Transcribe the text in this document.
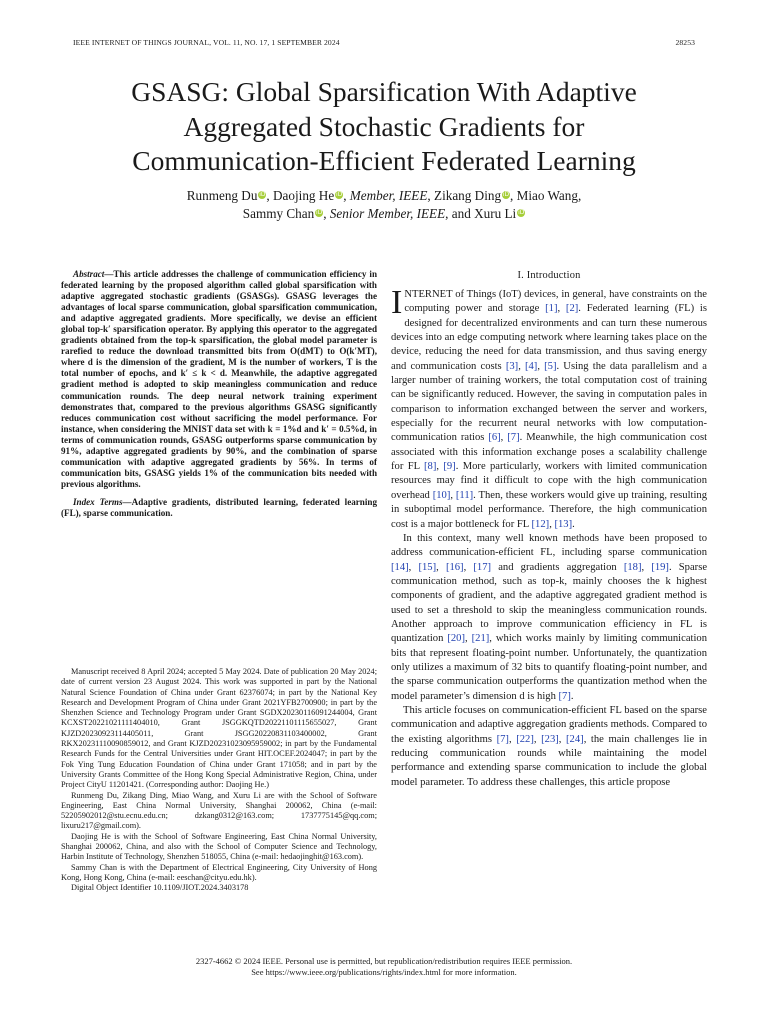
IEEE INTERNET OF THINGS JOURNAL, VOL. 11, NO. 17, 1 SEPTEMBER 2024	28253
GSASG: Global Sparsification With Adaptive
Aggregated Stochastic Gradients for
Communication-Efficient Federated Learning
Runmeng Du iD, Daojing He iD, Member, IEEE, Zikang Ding iD, Miao Wang,
Sammy Chan iD, Senior Member, IEEE, and Xuru Li iD

Abstract—This article addresses the challenge of communication efficiency in federated learning by the proposed algorithm called global sparsification with adaptive aggregated stochastic gradients (GSASGs). GSASG leverages the advantages of local sparse communication, global sparsification communication, and adaptive aggregated gradients. More specifically, we devise an efficient global top-k′ sparsification operator. By applying this operator to the aggregated gradients obtained from the top-k sparsification, the global model parameter is rarefied to reduce the download transmitted bits from O(dMT) to O(k′MT), where d is the dimension of the gradient, M is the number of workers, T is the total number of epochs, and k′ ≤ k < d. Meanwhile, the adaptive aggregated gradient method is adopted to skip meaningless communication and reduce communication rounds. The deep neural network training experiment demonstrates that, compared to the previous algorithms GSASG significantly reduces communication cost without sacrificing the model performance. For instance, when considering the MNIST data set with k = 1%d and k′ = 0.5%d, in terms of communication rounds, GSASG outperforms sparse communication by 91%, adaptive aggregated gradients by 90%, and the combination of sparse communication with adaptive aggregated gradients by 56%. In terms of communication bits, GSASG yields 1% of the communication bits needed with previous algorithms.

Index Terms—Adaptive gradients, distributed learning, federated learning (FL), sparse communication.

Manuscript received 8 April 2024; accepted 5 May 2024. Date of publication 20 May 2024; date of current version 23 August 2024. This work was supported in part by the National Natural Science Foundation of China under Grant 62376074; in part by the National Key Research and Development Program of China under Grant 2021YFB2700900; in part by the Shenzhen Science and Technology Program under Grant SGDX20230116091244004, Grant KCXST20221021111404010, Grant JSGGKQTD20221101115655027, Grant KJZD20230923114405011, Grant JSGG20220831103400002, Grant RKX20231110090859012, and Grant KJZD20231023095959002; in part by the Fundamental Research Funds for the Central Universities under Grant HIT.OCEF.2024047; in part by the Fok Ying Tung Education Foundation of China under Grant 171058; and in part by the University Grants Committee of the Hong Kong Special Administrative Region, China, under Project CityU 11201421. (Corresponding author: Daojing He.)

Runmeng Du, Zikang Ding, Miao Wang, and Xuru Li are with the School of Software Engineering, East China Normal University, Shanghai 200062, China (e-mail: 52205902012@stu.ecnu.edu.cn; dzkang0312@163.com; 1737775145@qq.com; lixuru217@gmail.com).

Daojing He is with the School of Software Engineering, East China Normal University, Shanghai 200062, China, and also with the School of Computer Science and Technology, Harbin Institute of Technology, Shenzhen 518055, China (e-mail: hedaojinghit@163.com).

Sammy Chan is with the Department of Electrical Engineering, City University of Hong Kong, Hong Kong, China (e-mail: eeschan@cityu.edu.hk).

Digital Object Identifier 10.1109/JIOT.2024.3403178

I. Introduction

INTERNET of Things (IoT) devices, in general, have constraints on the computing power and storage [1], [2]. Federated learning (FL) is designed for decentralized environments and can turn these numerous devices into an edge computing network where learning takes place on the device, reducing the need for data transmission, and thus saving energy and communication costs [3], [4], [5]. Using the data parallelism and a larger number of training workers, the total computation cost of training can be significantly reduced. However, the saving in computation pales in comparison to information exchanged between the server and workers, especially for the recurrent neural networks with low computation-communication ratios [6], [7]. Meanwhile, the high communication cost associated with this information exchange poses a scalability challenge for FL [8], [9]. More particularly, workers with limited communication resources may find it difficult to cope with the high communication overhead [10], [11]. Then, these workers would give up training, resulting in suboptimal model performance. Therefore, the high communication cost is a major bottleneck for FL [12], [13].

In this context, many well known methods have been proposed to address communication-efficient FL, including sparse communication [14], [15], [16], [17] and gradients aggregation [18], [19]. Sparse communication method, such as top-k, mainly chooses the k highest components of gradient, and the adaptive aggregated gradient method is used to set a threshold to skip the meaningless communication rounds. Another approach to improve communication efficiency in FL is quantization [20], [21], which works mainly by limiting communication bits that represent floating-point number. Unfortunately, the quantization only utilizes a maximum of 32 bits to quantify floating-point number, and the sparse communication outperforms the quantization method when the model parameter’s dimension d is high [7].

This article focuses on communication-efficient FL based on the sparse communication and adaptive aggregation gradients methods. Compared to the existing algorithms [7], [22], [23], [24], the main challenges lie in reducing communication rounds while maintaining the model performance and extending sparse communication to include the global model parameter. To address these challenges, this article propose

2327-4662 © 2024 IEEE. Personal use is permitted, but republication/redistribution requires IEEE permission.
See https://www.ieee.org/publications/rights/index.html for more information.
